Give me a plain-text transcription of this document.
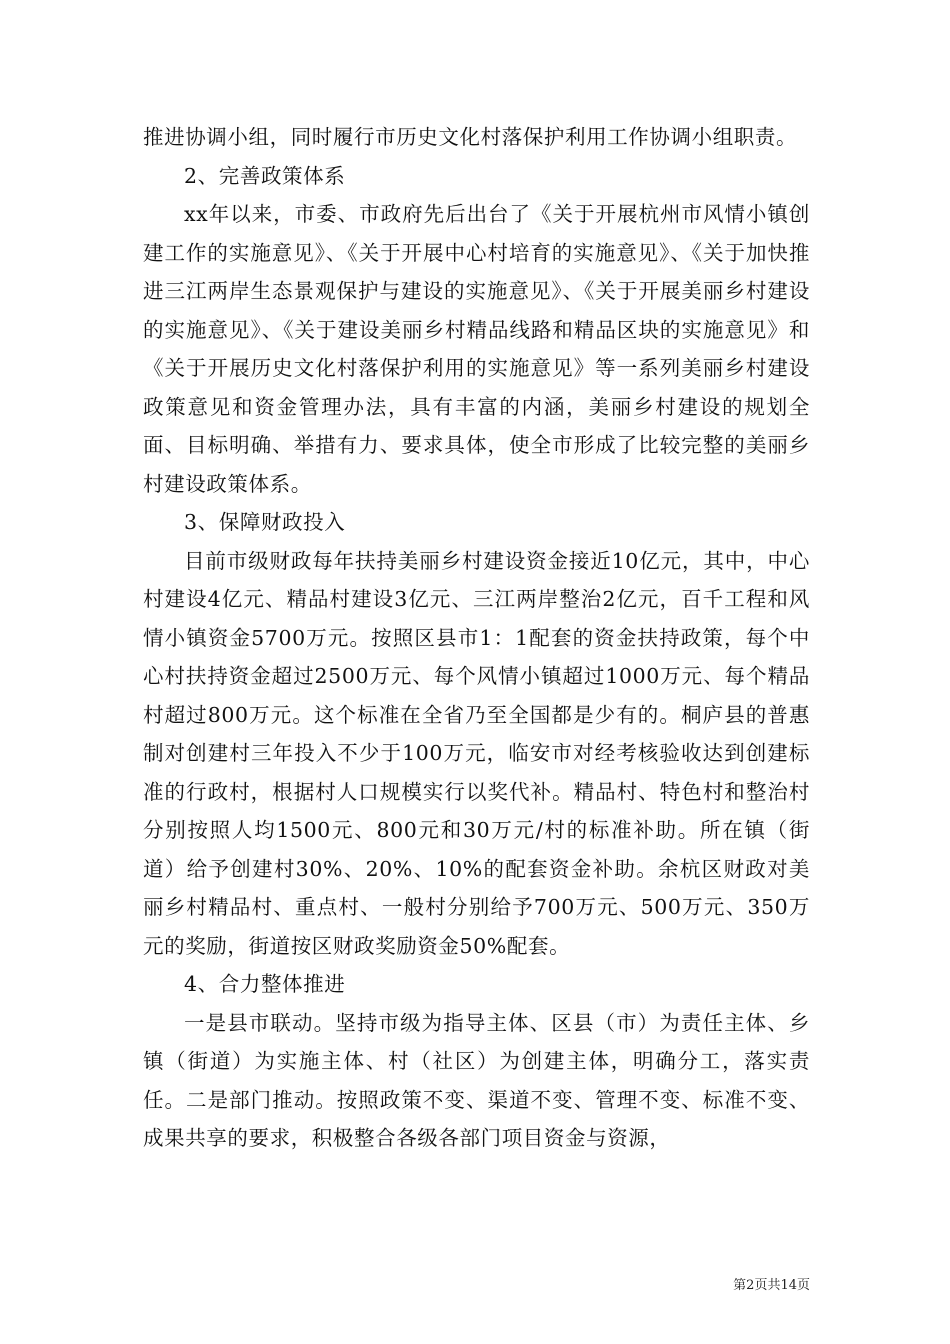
推进协调小组，同时履行市历史文化村落保护利用工作协调小组职责。

2、完善政策体系

xx年以来，市委、市政府先后出台了《关于开展杭州市风情小镇创建工作的实施意见》、《关于开展中心村培育的实施意见》、《关于加快推进三江两岸生态景观保护与建设的实施意见》、《关于开展美丽乡村建设的实施意见》、《关于建设美丽乡村精品线路和精品区块的实施意见》和《关于开展历史文化村落保护利用的实施意见》等一系列美丽乡村建设政策意见和资金管理办法，具有丰富的内涵，美丽乡村建设的规划全面、目标明确、举措有力、要求具体，使全市形成了比较完整的美丽乡村建设政策体系。

3、保障财政投入

目前市级财政每年扶持美丽乡村建设资金接近10亿元，其中，中心村建设4亿元、精品村建设3亿元、三江两岸整治2亿元，百千工程和风情小镇资金5700万元。按照区县市1：1配套的资金扶持政策，每个中心村扶持资金超过2500万元、每个风情小镇超过1000万元、每个精品村超过800万元。这个标准在全省乃至全国都是少有的。桐庐县的普惠制对创建村三年投入不少于100万元，临安市对经考核验收达到创建标准的行政村，根据村人口规模实行以奖代补。精品村、特色村和整治村分别按照人均1500元、800元和30万元/村的标准补助。所在镇（街道）给予创建村30%、20%、10%的配套资金补助。余杭区财政对美丽乡村精品村、重点村、一般村分别给予700万元、500万元、350万元的奖励，街道按区财政奖励资金50%配套。

4、合力整体推进

一是县市联动。坚持市级为指导主体、区县（市）为责任主体、乡镇（街道）为实施主体、村（社区）为创建主体，明确分工，落实责任。二是部门推动。按照政策不变、渠道不变、管理不变、标准不变、成果共享的要求，积极整合各级各部门项目资金与资源，

第2页共14页
